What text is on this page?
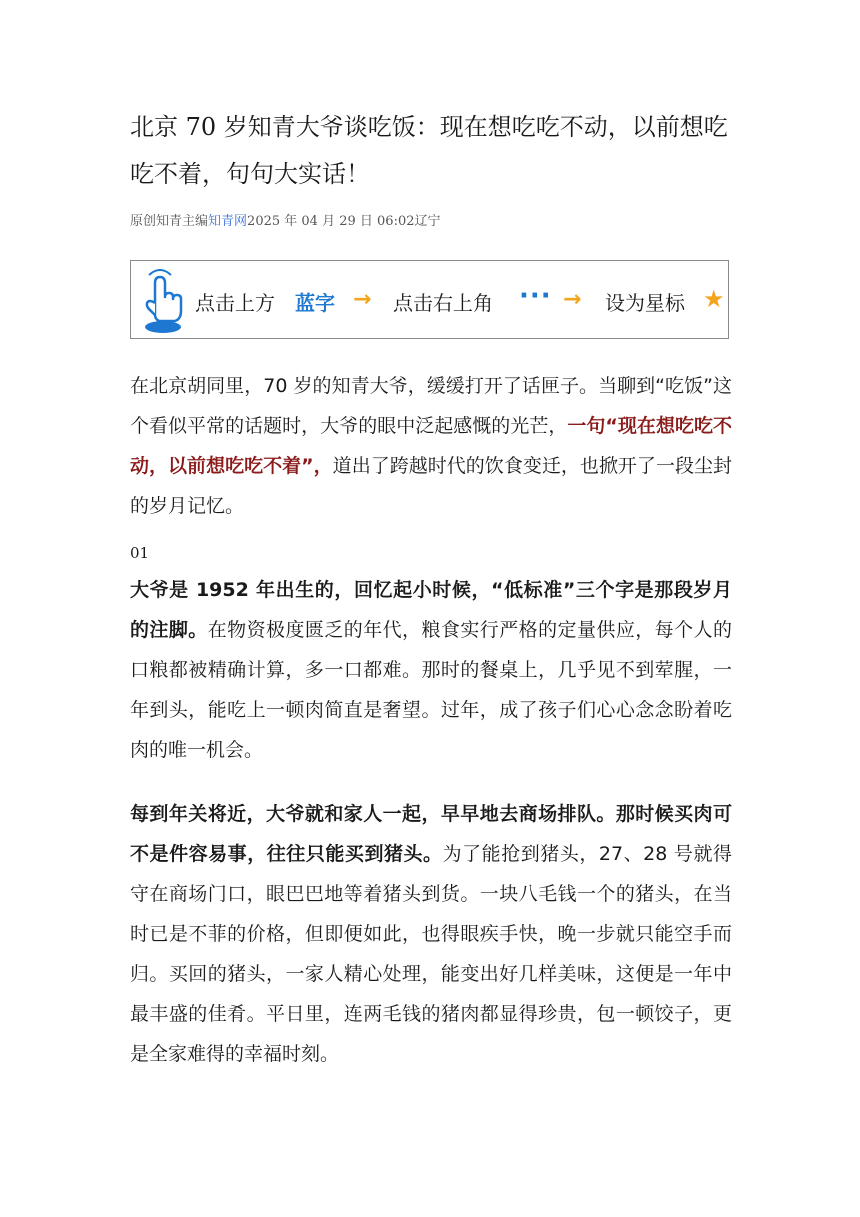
北京 70 岁知青大爷谈吃饭：现在想吃吃不动，以前想吃吃不着，句句大实话！
原创知青主编知青网2025 年 04 月 29 日 06:02辽宁
点击上方 蓝字 → 点击右上角 ··· → 设为星标 ★

在北京胡同里，70 岁的知青大爷，缓缓打开了话匣子。当聊到“吃饭”这个看似平常的话题时，大爷的眼中泛起感慨的光芒，一句“现在想吃吃不动，以前想吃吃不着”，道出了跨越时代的饮食变迁，也掀开了一段尘封的岁月记忆。

01

大爷是 1952 年出生的，回忆起小时候，“低标准”三个字是那段岁月的注脚。在物资极度匮乏的年代，粮食实行严格的定量供应，每个人的口粮都被精确计算，多一口都难。那时的餐桌上，几乎见不到荤腥，一年到头，能吃上一顿肉简直是奢望。过年，成了孩子们心心念念盼着吃肉的唯一机会。

每到年关将近，大爷就和家人一起，早早地去商场排队。那时候买肉可不是件容易事，往往只能买到猪头。为了能抢到猪头，27、28 号就得守在商场门口，眼巴巴地等着猪头到货。一块八毛钱一个的猪头，在当时已是不菲的价格，但即便如此，也得眼疾手快，晚一步就只能空手而归。买回的猪头，一家人精心处理，能变出好几样美味，这便是一年中最丰盛的佳肴。平日里，连两毛钱的猪肉都显得珍贵，包一顿饺子，更是全家难得的幸福时刻。
